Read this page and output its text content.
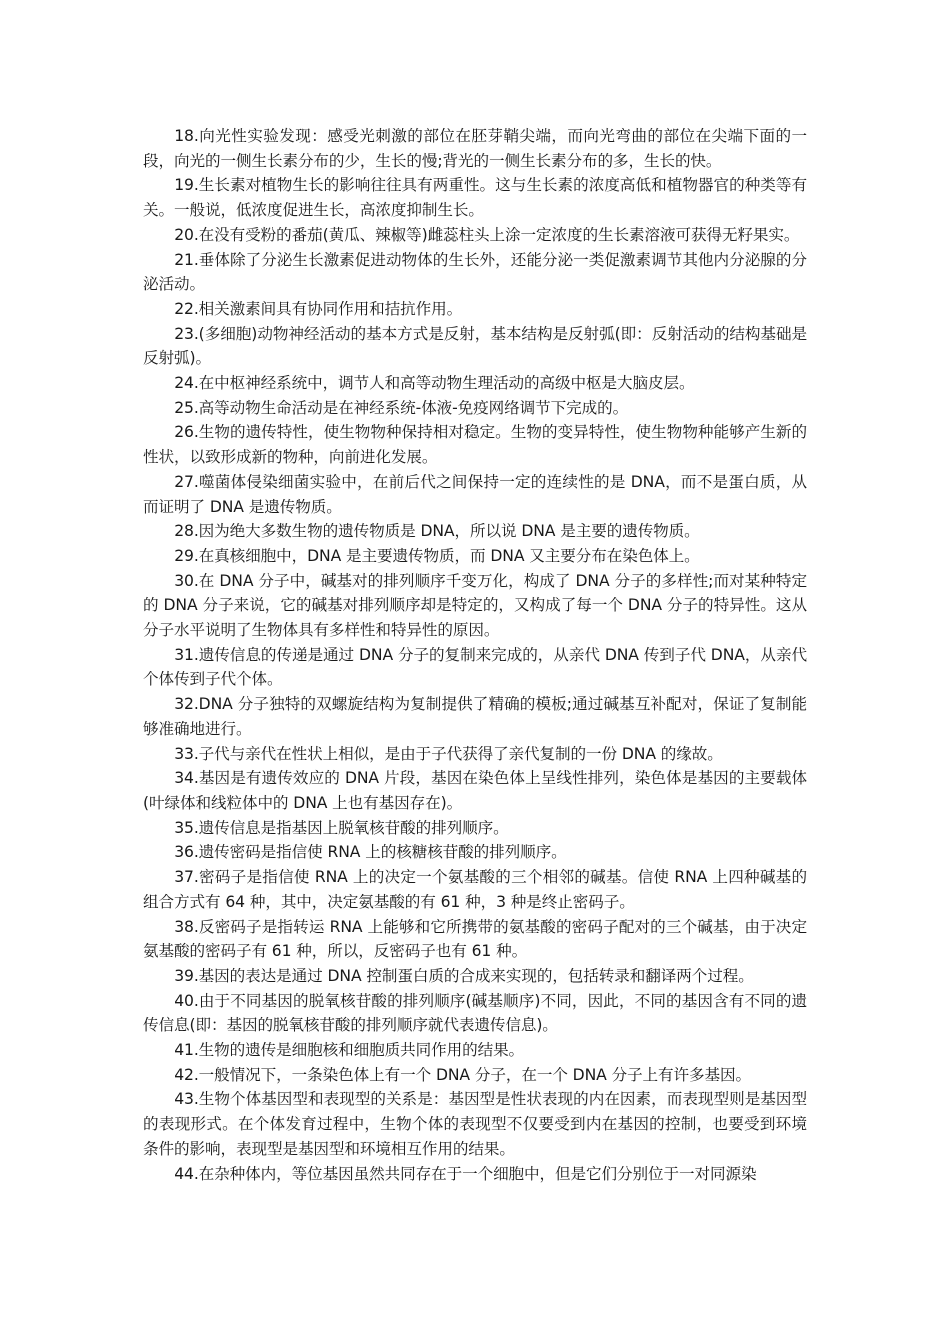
18.向光性实验发现：感受光刺激的部位在胚芽鞘尖端，而向光弯曲的部位在尖端下面的一段，向光的一侧生长素分布的少，生长的慢;背光的一侧生长素分布的多，生长的快。

19.生长素对植物生长的影响往往具有两重性。这与生长素的浓度高低和植物器官的种类等有关。一般说，低浓度促进生长，高浓度抑制生长。

20.在没有受粉的番茄(黄瓜、辣椒等)雌蕊柱头上涂一定浓度的生长素溶液可获得无籽果实。

21.垂体除了分泌生长激素促进动物体的生长外，还能分泌一类促激素调节其他内分泌腺的分泌活动。

22.相关激素间具有协同作用和拮抗作用。

23.(多细胞)动物神经活动的基本方式是反射，基本结构是反射弧(即：反射活动的结构基础是反射弧)。

24.在中枢神经系统中，调节人和高等动物生理活动的高级中枢是大脑皮层。

25.高等动物生命活动是在神经系统-体液-免疫网络调节下完成的。

26.生物的遗传特性，使生物物种保持相对稳定。生物的变异特性，使生物物种能够产生新的性状，以致形成新的物种，向前进化发展。

27.噬菌体侵染细菌实验中，在前后代之间保持一定的连续性的是 DNA，而不是蛋白质，从而证明了 DNA 是遗传物质。

28.因为绝大多数生物的遗传物质是 DNA，所以说 DNA 是主要的遗传物质。

29.在真核细胞中，DNA 是主要遗传物质，而 DNA 又主要分布在染色体上。

30.在 DNA 分子中，碱基对的排列顺序千变万化，构成了 DNA 分子的多样性;而对某种特定的 DNA 分子来说，它的碱基对排列顺序却是特定的，又构成了每一个 DNA 分子的特异性。这从分子水平说明了生物体具有多样性和特异性的原因。

31.遗传信息的传递是通过 DNA 分子的复制来完成的，从亲代 DNA 传到子代 DNA，从亲代个体传到子代个体。

32.DNA 分子独特的双螺旋结构为复制提供了精确的模板;通过碱基互补配对，保证了复制能够准确地进行。

33.子代与亲代在性状上相似，是由于子代获得了亲代复制的一份 DNA 的缘故。

34.基因是有遗传效应的 DNA 片段，基因在染色体上呈线性排列，染色体是基因的主要载体(叶绿体和线粒体中的 DNA 上也有基因存在)。

35.遗传信息是指基因上脱氧核苷酸的排列顺序。

36.遗传密码是指信使 RNA 上的核糖核苷酸的排列顺序。

37.密码子是指信使 RNA 上的决定一个氨基酸的三个相邻的碱基。信使 RNA 上四种碱基的组合方式有 64 种，其中，决定氨基酸的有 61 种，3 种是终止密码子。

38.反密码子是指转运 RNA 上能够和它所携带的氨基酸的密码子配对的三个碱基，由于决定氨基酸的密码子有 61 种，所以，反密码子也有 61 种。

39.基因的表达是通过 DNA 控制蛋白质的合成来实现的，包括转录和翻译两个过程。

40.由于不同基因的脱氧核苷酸的排列顺序(碱基顺序)不同，因此，不同的基因含有不同的遗传信息(即：基因的脱氧核苷酸的排列顺序就代表遗传信息)。

41.生物的遗传是细胞核和细胞质共同作用的结果。

42.一般情况下，一条染色体上有一个 DNA 分子，在一个 DNA 分子上有许多基因。

43.生物个体基因型和表现型的关系是：基因型是性状表现的内在因素，而表现型则是基因型的表现形式。在个体发育过程中，生物个体的表现型不仅要受到内在基因的控制，也要受到环境条件的影响，表现型是基因型和环境相互作用的结果。

44.在杂种体内，等位基因虽然共同存在于一个细胞中，但是它们分别位于一对同源染
